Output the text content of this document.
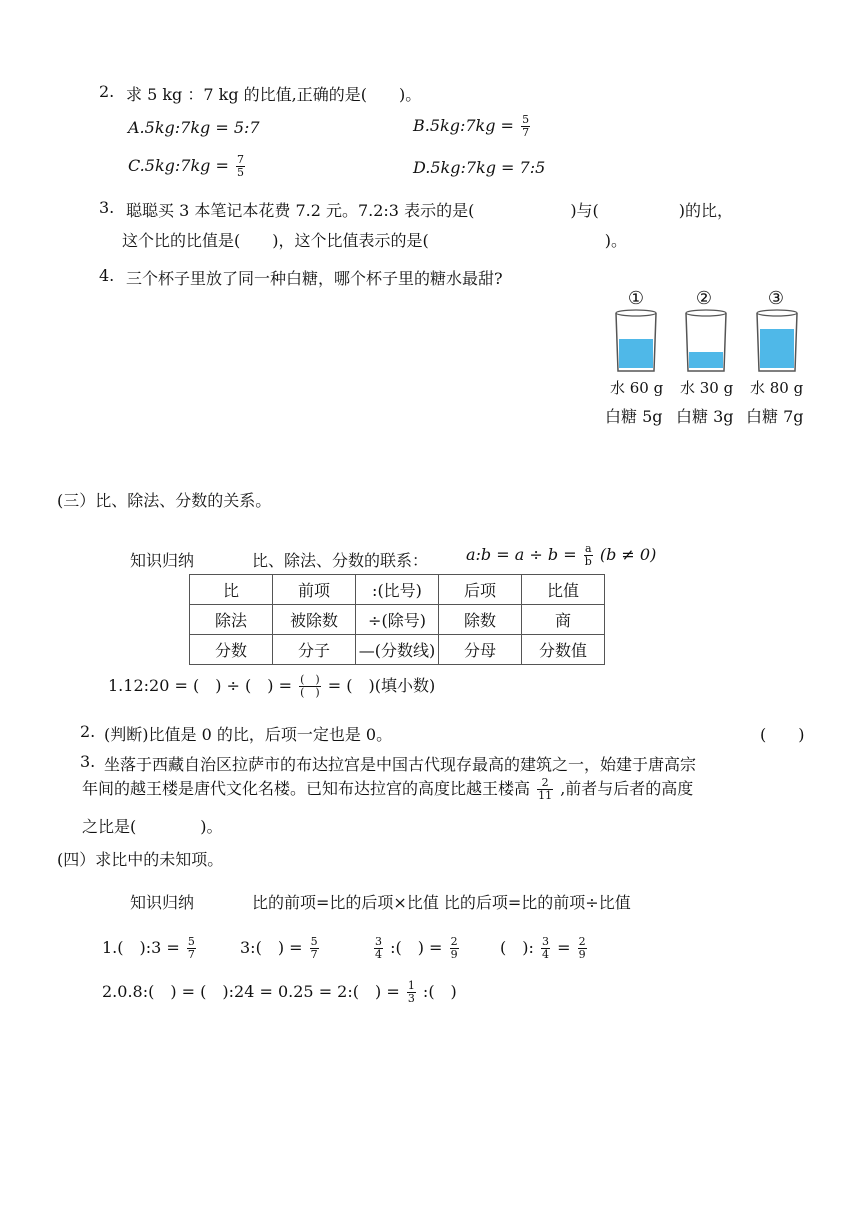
2. 求 5 kg ：7 kg 的比值,正确的是(　　)。
A.5kg:7kg = 5:7	B.5kg:7kg = $\frac{5}{7}$
C.5kg:7kg = $\frac{7}{5}$	D.5kg:7kg = 7:5
3. 聪聪买 3 本笔记本花费 7.2 元。7.2:3 表示的是(　　　　　　)与(　　　　　)的比，
这个比的比值是(　　)，这个比值表示的是(　　　　　　　　　　　)。
4. 三个杯子里放了同一种白糖，哪个杯子里的糖水最甜?
①	②	③
水 60 g 水 30 g 水 80 g
白糖 5g 白糖 3g 白糖 7g
(三）比、除法、分数的关系。
知识归纳	比、除法、分数的联系： a:b = $a \div b = \frac{a}{b} (b \ne 0)$
比	前项	:(比号)	后项	比值
除法	被除数	÷(除号)	除数	商
分数	分子	—(分数线)	分母	分数值
1.12:20 = (　) ÷ (　) = $\frac{( )}{( )}$ = (　)(填小数)
2. (判断)比值是 0 的比，后项一定也是 0。	(　　)
3. 坐落于西藏自治区拉萨市的布达拉宫是中国古代现存最高的建筑之一，始建于唐高宗
年间的越王楼是唐代文化名楼。已知布达拉宫的高度比越王楼高 $\frac{2}{11}$ ,前者与后者的高度
之比是(　　　　)。
(四）求比中的未知项。
知识归纳	比的前项=比的后项×比值 比的后项=比的前项÷比值
1.(　):3 = $\frac{5}{7}$	3:(　) = $\frac{5}{7}$	$\frac{3}{4}$ :(　) = $\frac{2}{9}$	(　): $\frac{3}{4} = \frac{2}{9}$
2.0.8:(　) = (　):24 = 0.25 = 2:(　) = $\frac{1}{3}$ :(　)
